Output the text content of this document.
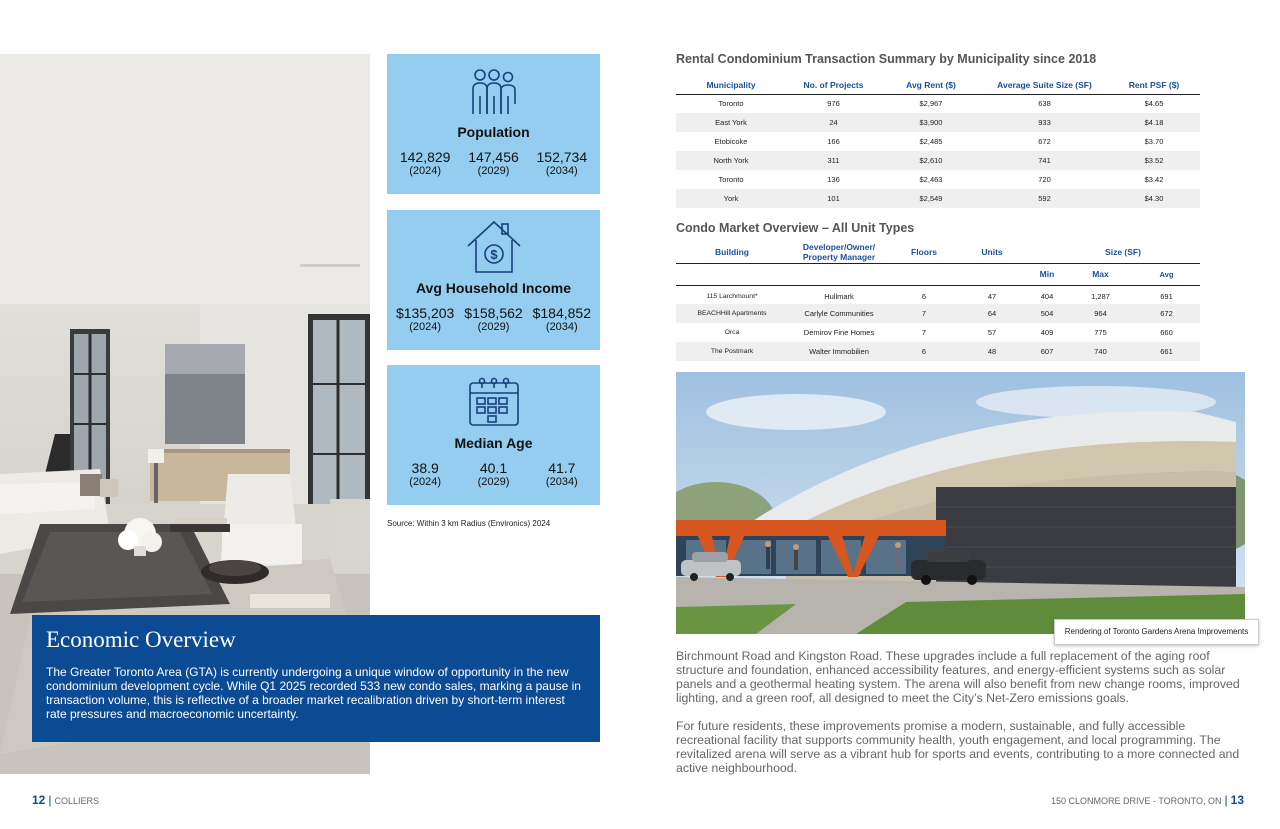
Population
142,829
(2024)
147,456
(2029)
152,734
(2034)
$
Avg Household Income
$135,203
(2024)
$158,562
(2029)
$184,852
(2034)
Median Age
38.9
(2024)
40.1
(2029)
41.7
(2034)
Source: Within 3 km Radius (Environics) 2024
Economic Overview
The Greater Toronto Area (GTA) is currently undergoing a unique window of opportunity in the new condominium development cycle. While Q1 2025 recorded 533 new condo sales, marking a pause in transaction volume, this is reflective of a broader market recalibration driven by short-term interest rate pressures and macroeconomic uncertainty.
12 | COLLIERS
Rental Condominium Transaction Summary by Municipality since 2018
Municipality	No. of Projects	Avg Rent ($)	Average Suite Size (SF)	Rent PSF ($)
Toronto	976	$2,967	638	$4.65
East York	24	$3,900	933	$4.18
Etobicoke	166	$2,485	672	$3.70
North York	311	$2,610	741	$3.52
Toronto	136	$2,463	720	$3.42
York	101	$2,549	592	$4.30
Condo Market Overview – All Unit Types
Building	Developer/Owner/ Property Manager	Floors	Units	Size (SF)		
				Min	Max	Avg
115 Larchmount*	Hullmark	6	47	404	1,287	691
BEACHHill Apartments	Carlyle Communities	7	64	504	964	672
Orca	Demirov Fine Homes	7	57	409	775	660
The Postmark	Walter Immobilien	6	48	607	740	661
Rendering of Toronto Gardens Arena Improvements
Birchmount Road and Kingston Road. These upgrades include a full replacement of the aging roof structure and foundation, enhanced accessibility features, and energy-efficient systems such as solar panels and a geothermal heating system. The arena will also benefit from new change rooms, improved lighting, and a green roof, all designed to meet the City’s Net-Zero emissions goals.
For future residents, these improvements promise a modern, sustainable, and fully accessible recreational facility that supports community health, youth engagement, and local programming. The revitalized arena will serve as a vibrant hub for sports and events, contributing to a more connected and active neighbourhood.
150 CLONMORE DRIVE - TORONTO, ON | 13
